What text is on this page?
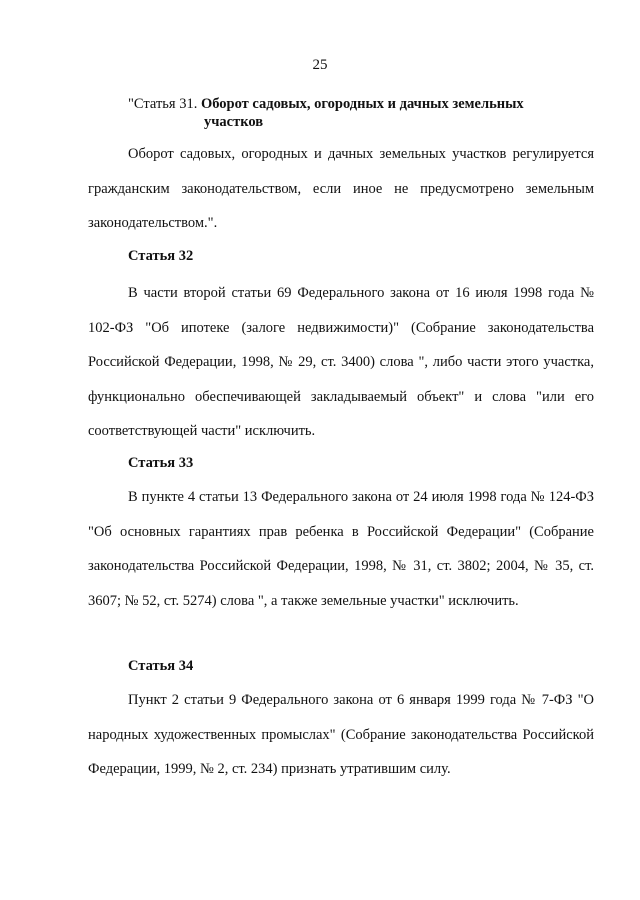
25
"Статья 31. Оборот садовых, огородных и дачных земельных
участков

Оборот садовых, огородных и дачных земельных участков регулируется гражданским законодательством, если иное не предусмотрено земельным законодательством.".

Статья 32

В части второй статьи 69 Федерального закона от 16 июля 1998 года № 102-ФЗ "Об ипотеке (залоге недвижимости)" (Собрание законодательства Российской Федерации, 1998, № 29, ст. 3400) слова ", либо части этого участка, функционально обеспечивающей закладываемый объект" и слова "или его соответствующей части" исключить.

Статья 33

В пункте 4 статьи 13 Федерального закона от 24 июля 1998 года № 124-ФЗ "Об основных гарантиях прав ребенка в Российской Федерации" (Собрание законодательства Российской Федерации, 1998, № 31, ст. 3802; 2004, № 35, ст. 3607; № 52, ст. 5274) слова ", а также земельные участки" исключить.

Статья 34

Пункт 2 статьи 9 Федерального закона от 6 января 1999 года № 7-ФЗ "О народных художественных промыслах" (Собрание законодательства Российской Федерации, 1999, № 2, ст. 234) признать утратившим силу.
